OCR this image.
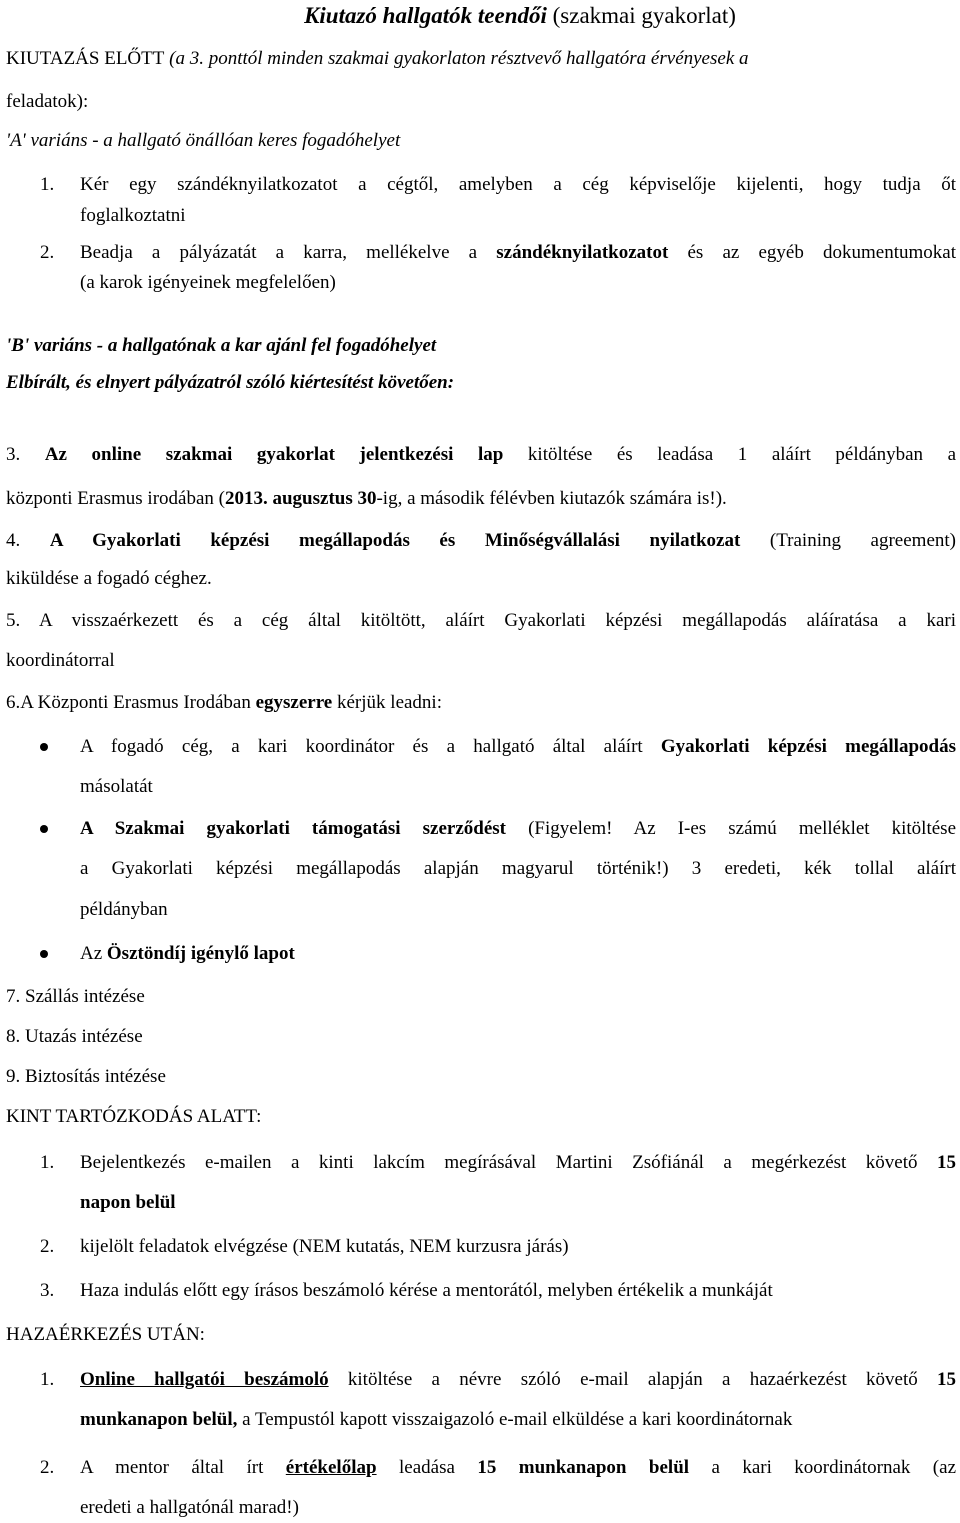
Kiutazó hallgatók teendői (szakmai gyakorlat)
KIUTAZÁS ELŐTT (a 3. ponttól minden szakmai gyakorlaton résztvevő hallgatóra érvényesek a
feladatok):
'A' variáns - a hallgató önállóan keres fogadóhelyet
1. Kér egy szándéknyilatkozatot a cégtől, amelyben a cég képviselője kijelenti, hogy tudja őt
foglalkoztatni
2. Beadja a pályázatát a karra, mellékelve a szándéknyilatkozatot és az egyéb dokumentumokat
(a karok igényeinek megfelelően)
'B' variáns - a hallgatónak a kar ajánl fel fogadóhelyet
Elbírált, és elnyert pályázatról szóló kiértesítést követően:
3. Az online szakmai gyakorlat jelentkezési lap kitöltése és leadása 1 aláírt példányban a
központi Erasmus irodában (2013. augusztus 30-ig, a második félévben kiutazók számára is!).
4. A Gyakorlati képzési megállapodás és Minőségvállalási nyilatkozat (Training agreement)
kiküldése a fogadó céghez.
5. A visszaérkezett és a cég által kitöltött, aláírt Gyakorlati képzési megállapodás aláíratása a kari
koordinátorral
6.A Központi Erasmus Irodában egyszerre kérjük leadni:
A fogadó cég, a kari koordinátor és a hallgató által aláírt Gyakorlati képzési megállapodás
másolatát
A Szakmai gyakorlati támogatási szerződést (Figyelem! Az I-es számú melléklet kitöltése
a Gyakorlati képzési megállapodás alapján magyarul történik!) 3 eredeti, kék tollal aláírt
példányban
Az Ösztöndíj igénylő lapot
7. Szállás intézése
8. Utazás intézése
9. Biztosítás intézése
KINT TARTÓZKODÁS ALATT:
1. Bejelentkezés e-mailen a kinti lakcím megírásával Martini Zsófiánál a megérkezést követő 15
napon belül
2. kijelölt feladatok elvégzése (NEM kutatás, NEM kurzusra járás)
3. Haza indulás előtt egy írásos beszámoló kérése a mentorától, melyben értékelik a munkáját
HAZAÉRKEZÉS UTÁN:
1. Online hallgatói beszámoló kitöltése a névre szóló e-mail alapján a hazaérkezést követő 15
munkanapon belül, a Tempustól kapott visszaigazoló e-mail elküldése a kari koordinátornak
2. A mentor által írt értékelőlap leadása 15 munkanapon belül a kari koordinátornak (az
eredeti a hallgatónál marad!)
